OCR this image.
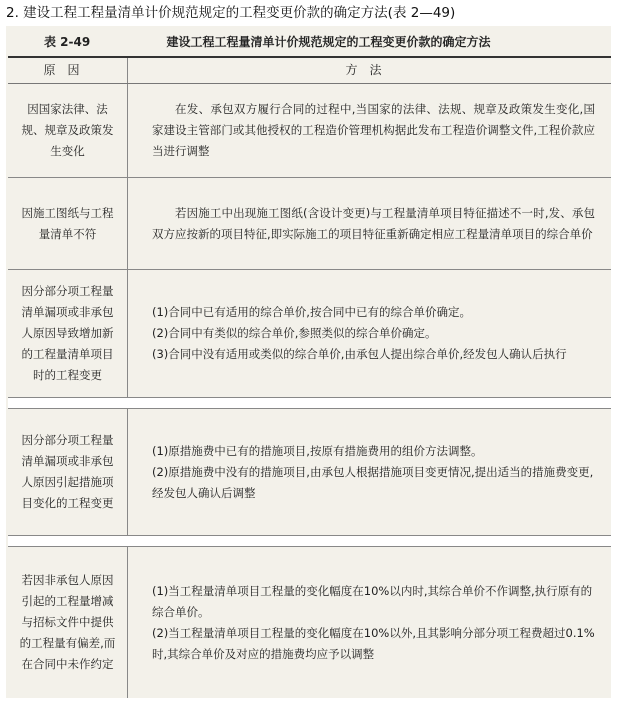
2. 建设工程工程量清单计价规范规定的工程变更价款的确定方法(表 2—49)
表 2-49	建设工程工程量清单计价规范规定的工程变更价款的确定方法
原因	方法
因国家法律、法规、规章及政策发生变化
在发、承包双方履行合同的过程中,当国家的法律、法规、规章及政策发生变化,国家建设主管部门或其他授权的工程造价管理机构据此发布工程造价调整文件,工程价款应当进行调整
因施工图纸与工程量清单不符
若因施工中出现施工图纸(含设计变更)与工程量清单项目特征描述不一时,发、承包双方应按新的项目特征,即实际施工的项目特征重新确定相应工程量清单项目的综合单价
因分部分项工程量清单漏项或非承包人原因导致增加新的工程量清单项目时的工程变更
(1)合同中已有适用的综合单价,按合同中已有的综合单价确定。
(2)合同中有类似的综合单价,参照类似的综合单价确定。
(3)合同中没有适用或类似的综合单价,由承包人提出综合单价,经发包人确认后执行
因分部分项工程量清单漏项或非承包人原因引起措施项目变化的工程变更
(1)原措施费中已有的措施项目,按原有措施费用的组价方法调整。
(2)原措施费中没有的措施项目,由承包人根据措施项目变更情况,提出适当的措施费变更,经发包人确认后调整
若因非承包人原因引起的工程量增减与招标文件中提供的工程量有偏差,而在合同中未作约定
(1)当工程量清单项目工程量的变化幅度在10%以内时,其综合单价不作调整,执行原有的综合单价。
(2)当工程量清单项目工程量的变化幅度在10%以外,且其影响分部分项工程费超过0.1%时,其综合单价及对应的措施费均应予以调整
